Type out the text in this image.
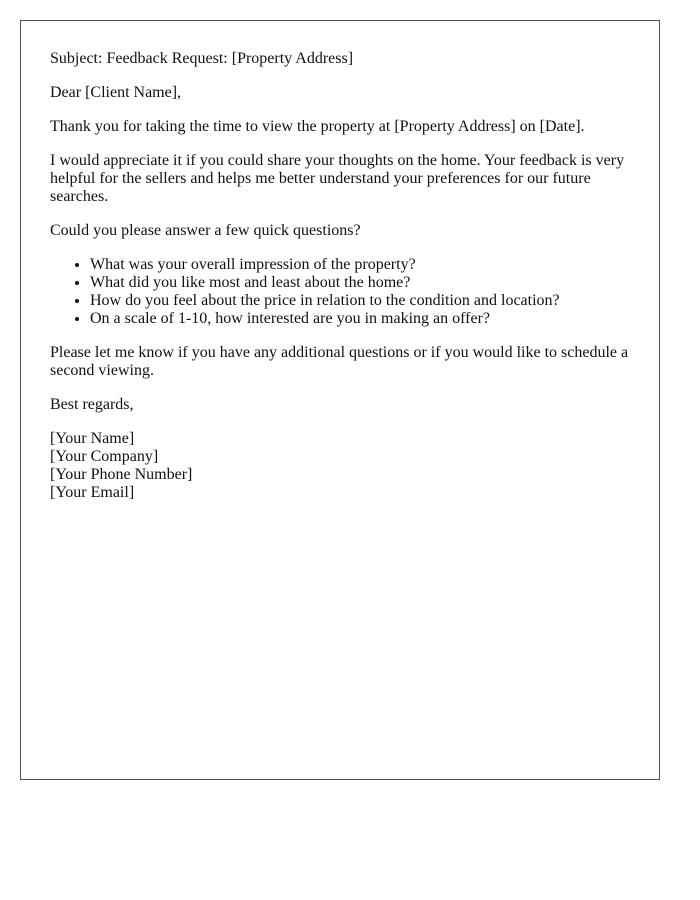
Subject: Feedback Request: [Property Address]

Dear [Client Name],

Thank you for taking the time to view the property at [Property Address] on [Date].

I would appreciate it if you could share your thoughts on the home. Your feedback is very helpful for the sellers and helps me better understand your preferences for our future searches.

Could you please answer a few quick questions?

• What was your overall impression of the property?
• What did you like most and least about the home?
• How do you feel about the price in relation to the condition and location?
• On a scale of 1-10, how interested are you in making an offer?

Please let me know if you have any additional questions or if you would like to schedule a second viewing.

Best regards,

[Your Name]
[Your Company]
[Your Phone Number]
[Your Email]
